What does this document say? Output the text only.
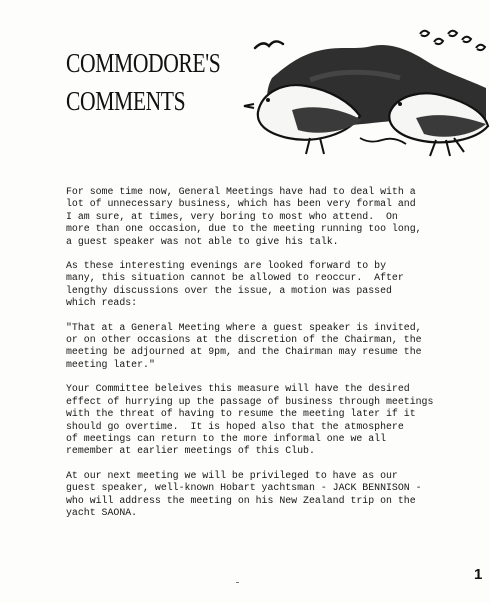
COMMODORE'S
COMMENTS

For some time now, General Meetings have had to deal with a
lot of unnecessary business, which has been very formal and
I am sure, at times, very boring to most who attend.  On
more than one occasion, due to the meeting running too long,
a guest speaker was not able to give his talk.

As these interesting evenings are looked forward to by
many, this situation cannot be allowed to reoccur.  After
lengthy discussions over the issue, a motion was passed
which reads:

"That at a General Meeting where a guest speaker is invited,
or on other occasions at the discretion of the Chairman, the
meeting be adjourned at 9pm, and the Chairman may resume the
meeting later."

Your Committee beleives this measure will have the desired
effect of hurrying up the passage of business through meetings
with the threat of having to resume the meeting later if it
should go overtime.  It is hoped also that the atmosphere
of meetings can return to the more informal one we all
remember at earlier meetings of this Club.

At our next meeting we will be privileged to have as our
guest speaker, well-known Hobart yachtsman - JACK BENNISON -
who will address the meeting on his New Zealand trip on the
yacht SAONA.

1
